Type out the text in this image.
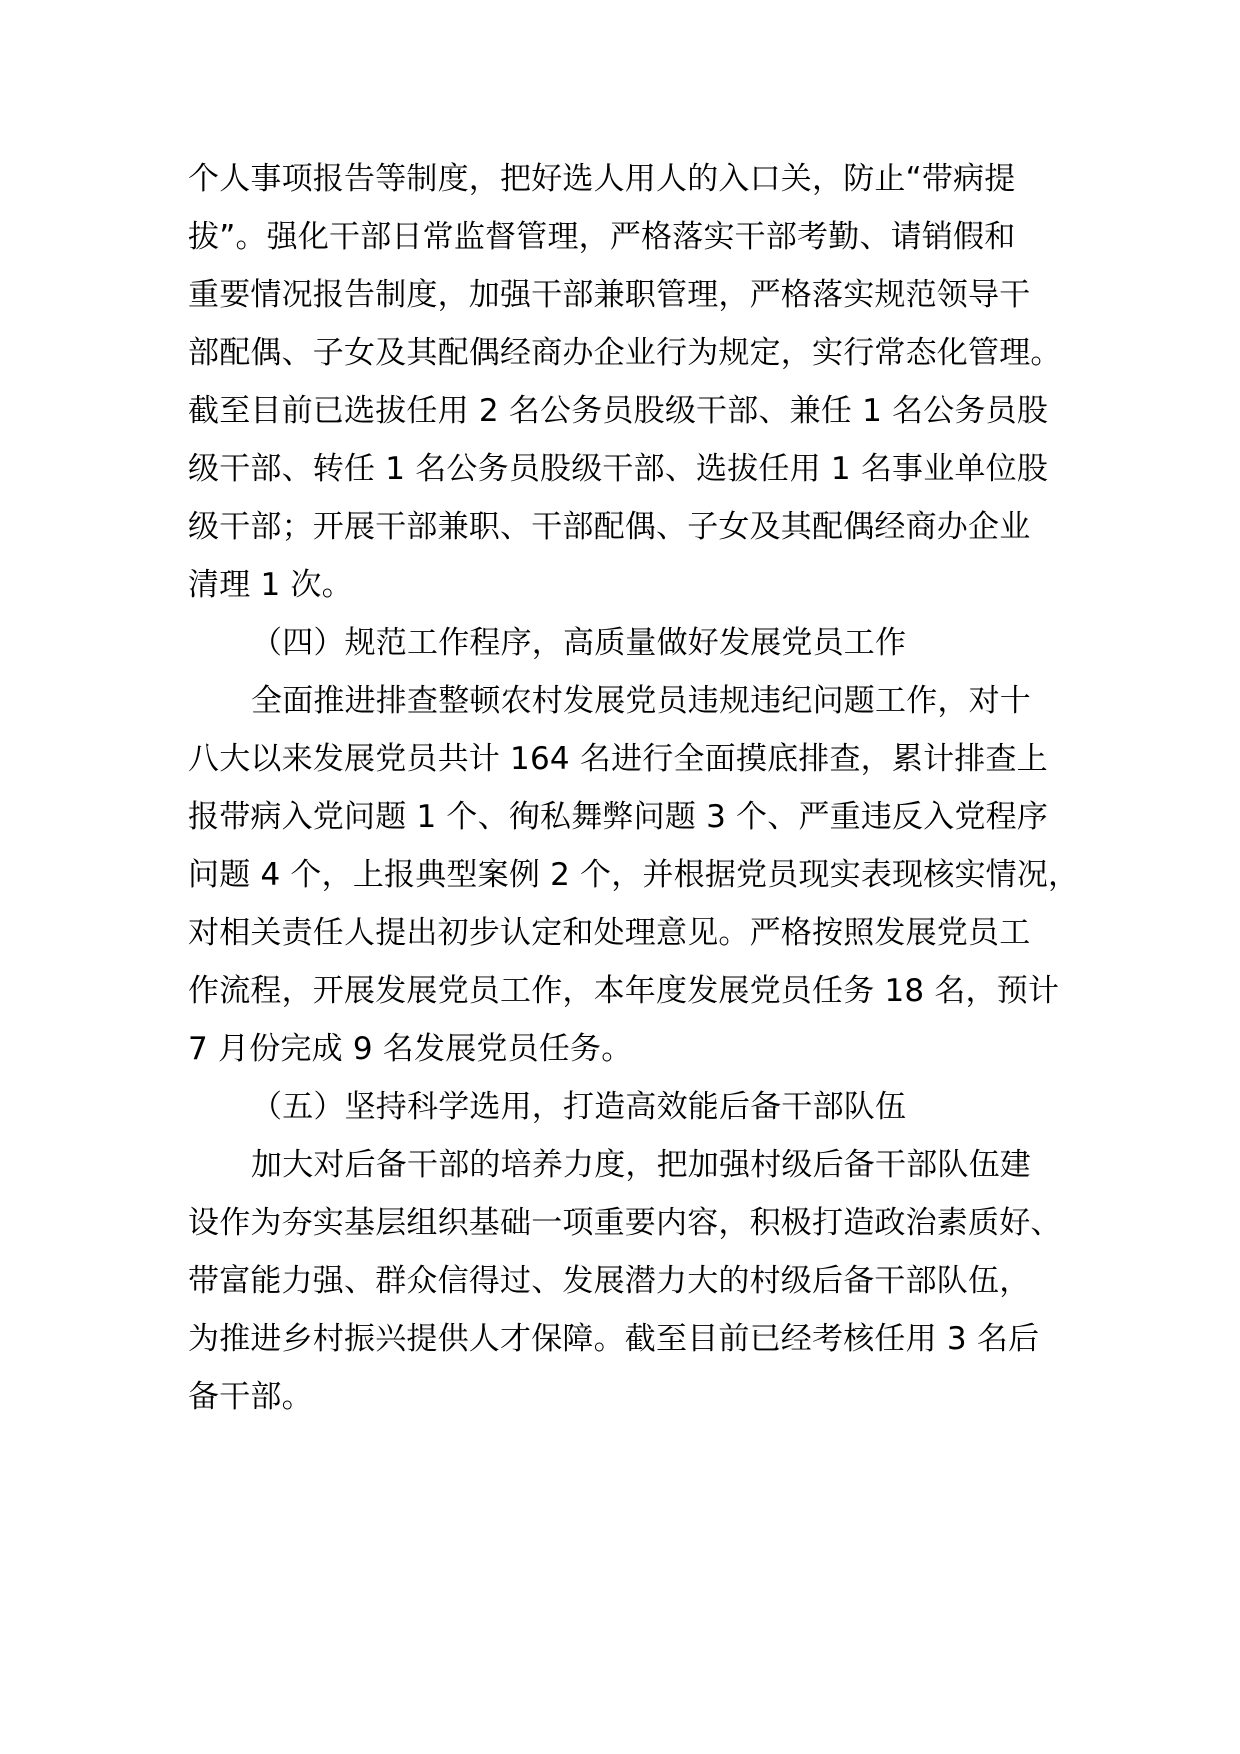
个人事项报告等制度，把好选人用人的入口关，防止“带病提
拔”。强化干部日常监督管理，严格落实干部考勤、请销假和
重要情况报告制度，加强干部兼职管理，严格落实规范领导干
部配偶、子女及其配偶经商办企业行为规定，实行常态化管理。
截至目前已选拔任用 2 名公务员股级干部、兼任 1 名公务员股
级干部、转任 1 名公务员股级干部、选拔任用 1 名事业单位股
级干部；开展干部兼职、干部配偶、子女及其配偶经商办企业
清理 1 次。
（四）规范工作程序，高质量做好发展党员工作
全面推进排查整顿农村发展党员违规违纪问题工作，对十
八大以来发展党员共计 164 名进行全面摸底排查，累计排查上
报带病入党问题 1 个、徇私舞弊问题 3 个、严重违反入党程序
问题 4 个，上报典型案例 2 个，并根据党员现实表现核实情况，
对相关责任人提出初步认定和处理意见。严格按照发展党员工
作流程，开展发展党员工作，本年度发展党员任务 18 名，预计
7 月份完成 9 名发展党员任务。
（五）坚持科学选用，打造高效能后备干部队伍
加大对后备干部的培养力度，把加强村级后备干部队伍建
设作为夯实基层组织基础一项重要内容，积极打造政治素质好、
带富能力强、群众信得过、发展潜力大的村级后备干部队伍，
为推进乡村振兴提供人才保障。截至目前已经考核任用 3 名后
备干部。
